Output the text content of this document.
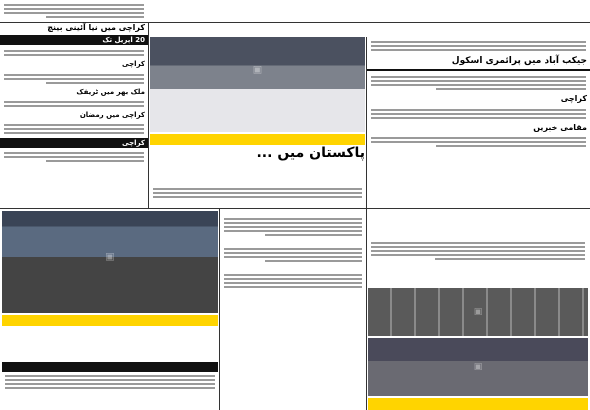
کراچی میں نیا آئینی بینچ
20 اپریل تک
کراچی
ملک بھر میں ٹریفک
کراچی میں رمضان
کراچی
▣
پاکستان میں ...
جیکب آباد میں پرائمری اسکول
کراچی
مقامی خبریں
▣
▣
▣
